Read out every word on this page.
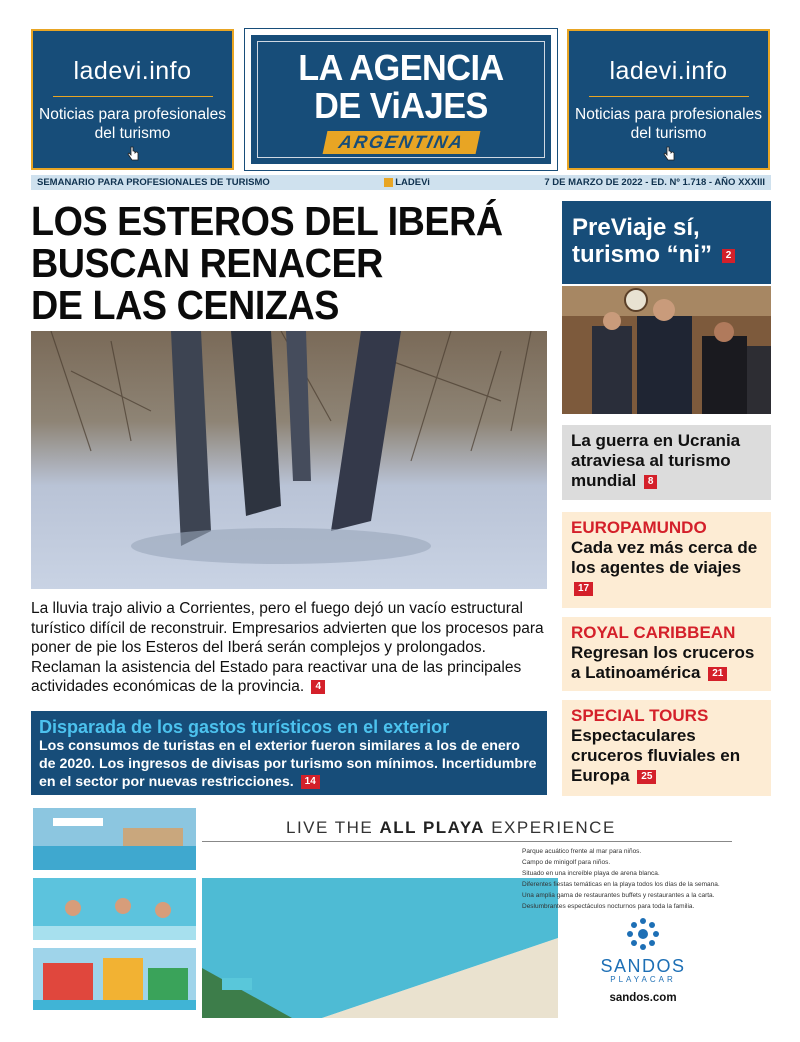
ladevi.info
Noticias para profesionales del turismo
LA AGENCIA
DE ViAJES
ARGENTINA
ladevi.info
Noticias para profesionales del turismo
SEMANARIO PARA PROFESIONALES DE TURISMO	LADEVi	7 DE MARZO DE 2022 - ED. Nº 1.718 - AÑO XXXIII
LOS ESTEROS DEL IBERÁ
BUSCAN RENACER
DE LAS CENIZAS
La lluvia trajo alivio a Corrientes, pero el fuego dejó un vacío estructural turístico difícil de reconstruir. Empresarios advierten que los procesos para poner de pie los Esteros del Iberá serán complejos y prolongados. Reclaman la asistencia del Estado para reactivar una de las principales actividades económicas de la provincia. 4
Disparada de los gastos turísticos en el exterior
Los consumos de turistas en el exterior fueron similares a los de enero de 2020. Los ingresos de divisas por turismo son mínimos. Incertidumbre en el sector por nuevas restricciones. 14
PreViaje sí,
turismo “ni” 2
La guerra en Ucrania atraviesa al turismo mundial 8
EUROPAMUNDO
Cada vez más cerca de los agentes de viajes 17
ROYAL CARIBBEAN
Regresan los cruceros a Latinoamérica 21
SPECIAL TOURS
Espectaculares cruceros fluviales en Europa 25
LIVE THE ALL PLAYA EXPERIENCE
Parque acuático frente al mar para niños.
Campo de minigolf para niños.
Situado en una increíble playa de arena blanca.
Diferentes fiestas temáticas en la playa todos los días de la semana.
Una amplia gama de restaurantes buffets y restaurantes a la carta.
Deslumbrantes espectáculos nocturnos para toda la familia.
SANDOS
PLAYACAR
sandos.com
